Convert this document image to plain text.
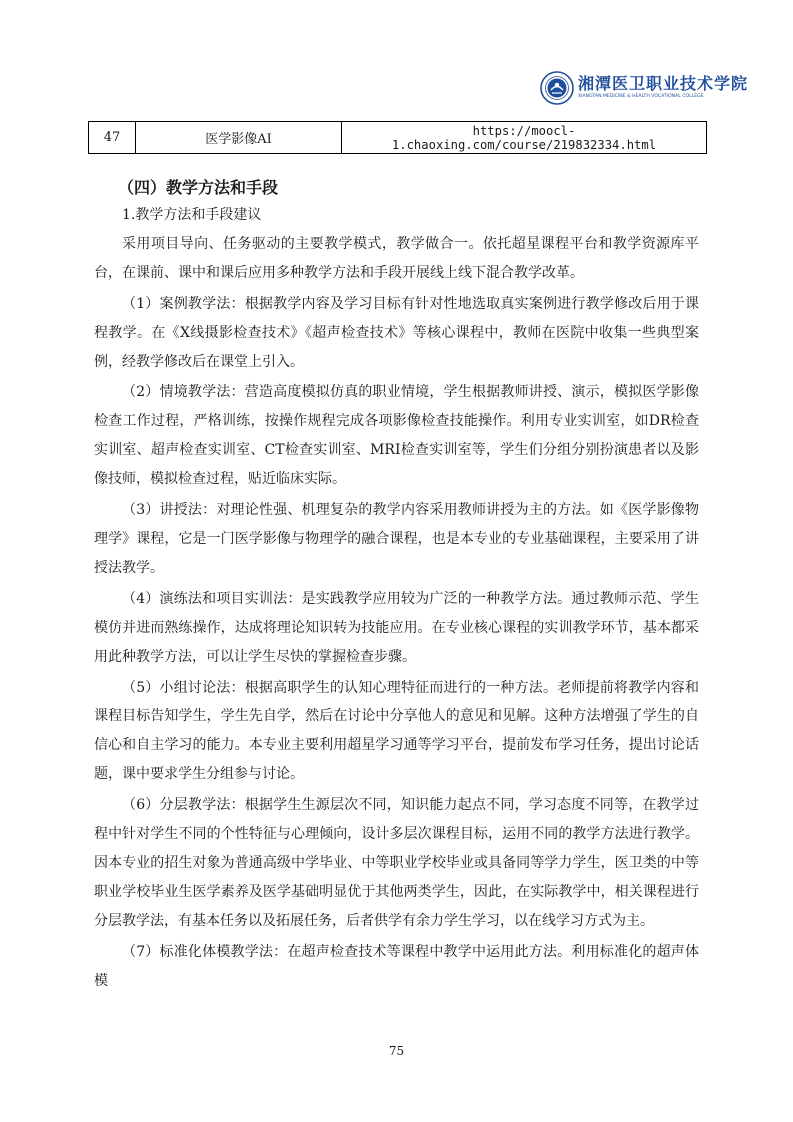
湘潭医卫职业技术学院
XIANGTAN MEDICINE & HEALTH VOCATIONAL COLLEGE
47	医学影像AI	https://moocl-1.chaoxing.com/course/219832334.html
（四）教学方法和手段

1.教学方法和手段建议

采用项目导向、任务驱动的主要教学模式，教学做合一。依托超星课程平台和教学资源库平台，在课前、课中和课后应用多种教学方法和手段开展线上线下混合教学改革。

（1）案例教学法：根据教学内容及学习目标有针对性地选取真实案例进行教学修改后用于课程教学。在《X线摄影检查技术》《超声检查技术》等核心课程中，教师在医院中收集一些典型案例，经教学修改后在课堂上引入。

（2）情境教学法：营造高度模拟仿真的职业情境，学生根据教师讲授、演示，模拟医学影像检查工作过程，严格训练，按操作规程完成各项影像检查技能操作。利用专业实训室，如DR检查实训室、超声检查实训室、CT检查实训室、MRI检查实训室等，学生们分组分别扮演患者以及影像技师，模拟检查过程，贴近临床实际。

（3）讲授法：对理论性强、机理复杂的教学内容采用教师讲授为主的方法。如《医学影像物理学》课程，它是一门医学影像与物理学的融合课程，也是本专业的专业基础课程，主要采用了讲授法教学。

（4）演练法和项目实训法：是实践教学应用较为广泛的一种教学方法。通过教师示范、学生模仿并进而熟练操作，达成将理论知识转为技能应用。在专业核心课程的实训教学环节，基本都采用此种教学方法，可以让学生尽快的掌握检查步骤。

（5）小组讨论法：根据高职学生的认知心理特征而进行的一种方法。老师提前将教学内容和课程目标告知学生，学生先自学，然后在讨论中分享他人的意见和见解。这种方法增强了学生的自信心和自主学习的能力。本专业主要利用超星学习通等学习平台，提前发布学习任务，提出讨论话题，课中要求学生分组参与讨论。

（6）分层教学法：根据学生生源层次不同，知识能力起点不同，学习态度不同等，在教学过程中针对学生不同的个性特征与心理倾向，设计多层次课程目标，运用不同的教学方法进行教学。因本专业的招生对象为普通高级中学毕业、中等职业学校毕业或具备同等学力学生，医卫类的中等职业学校毕业生医学素养及医学基础明显优于其他两类学生，因此，在实际教学中，相关课程进行分层教学法，有基本任务以及拓展任务，后者供学有余力学生学习，以在线学习方式为主。

（7）标准化体模教学法：在超声检查技术等课程中教学中运用此方法。利用标准化的超声体模

75
